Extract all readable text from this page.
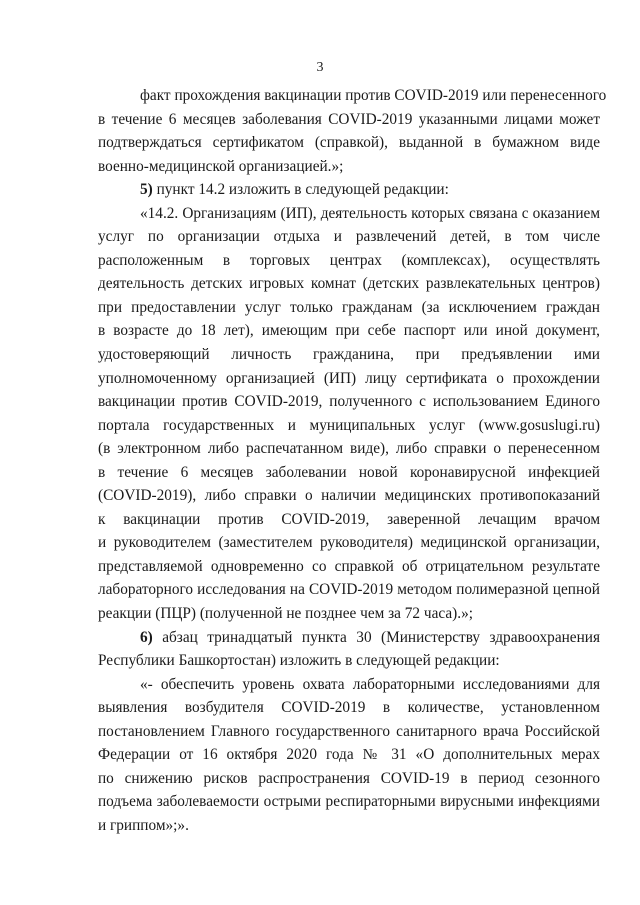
3
факт прохождения вакцинации против COVID-2019 или перенесенного
в течение 6 месяцев заболевания COVID-2019 указанными лицами может
подтверждаться сертификатом (справкой), выданной в бумажном виде
военно-медицинской организацией.»;
5) пункт 14.2 изложить в следующей редакции:
«14.2. Организациям (ИП), деятельность которых связана с оказанием
услуг по организации отдыха и развлечений детей, в том числе
расположенным в торговых центрах (комплексах), осуществлять
деятельность детских игровых комнат (детских развлекательных центров)
при предоставлении услуг только гражданам (за исключением граждан
в возрасте до 18 лет), имеющим при себе паспорт или иной документ,
удостоверяющий личность гражданина, при предъявлении ими
уполномоченному организацией (ИП) лицу сертификата о прохождении
вакцинации против COVID-2019, полученного с использованием Единого
портала государственных и муниципальных услуг (www.gosuslugi.ru)
(в электронном либо распечатанном виде), либо справки о перенесенном
в течение 6 месяцев заболевании новой коронавирусной инфекцией
(COVID-2019), либо справки о наличии медицинских противопоказаний
к вакцинации против COVID-2019, заверенной лечащим врачом
и руководителем (заместителем руководителя) медицинской организации,
представляемой одновременно со справкой об отрицательном результате
лабораторного исследования на COVID-2019 методом полимеразной цепной
реакции (ПЦР) (полученной не позднее чем за 72 часа).»;
6) абзац тринадцатый пункта 30 (Министерству здравоохранения
Республики Башкортостан) изложить в следующей редакции:
«- обеспечить уровень охвата лабораторными исследованиями для
выявления возбудителя COVID-2019 в количестве, установленном
постановлением Главного государственного санитарного врача Российской
Федерации от 16 октября 2020 года № 31 «О дополнительных мерах
по снижению рисков распространения COVID-19 в период сезонного
подъема заболеваемости острыми респираторными вирусными инфекциями
и гриппом»;».
